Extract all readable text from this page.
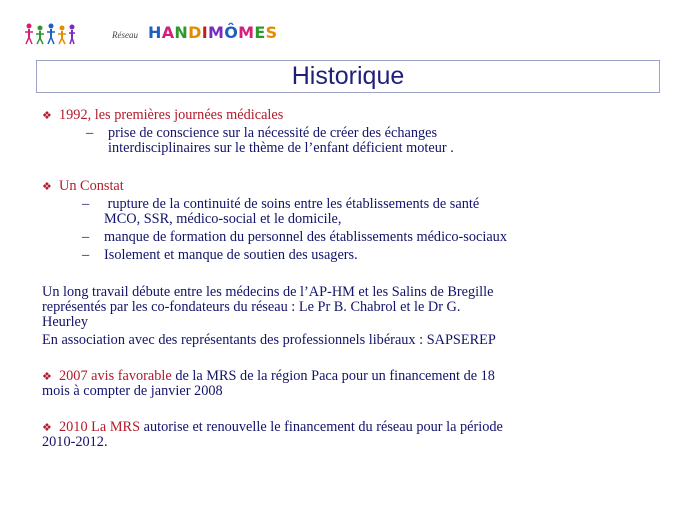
Réseau HANDIMÔMES
Historique
❖ 1992, les premières journées médicales
– prise de conscience sur la nécessité de créer des échanges
interdisciplinaires sur le thème de l’enfant déficient moteur .
❖ Un Constat
– rupture de la continuité de soins entre les établissements de santé
MCO, SSR, médico-social et le domicile,
– manque de formation du personnel des établissements médico-sociaux
– Isolement et manque de soutien des usagers.
Un long travail débute entre les médecins de l’AP-HM et les Salins de Bregille
représentés par les co-fondateurs du réseau : Le Pr B. Chabrol et le Dr G.
Heurley
En association avec des représentants des professionnels libéraux : SAPSEREP
❖ 2007 avis favorable de la MRS de la région Paca pour un financement de 18
mois à compter de janvier 2008
❖ 2010 La MRS autorise et renouvelle le financement du réseau pour la période
2010-2012.
